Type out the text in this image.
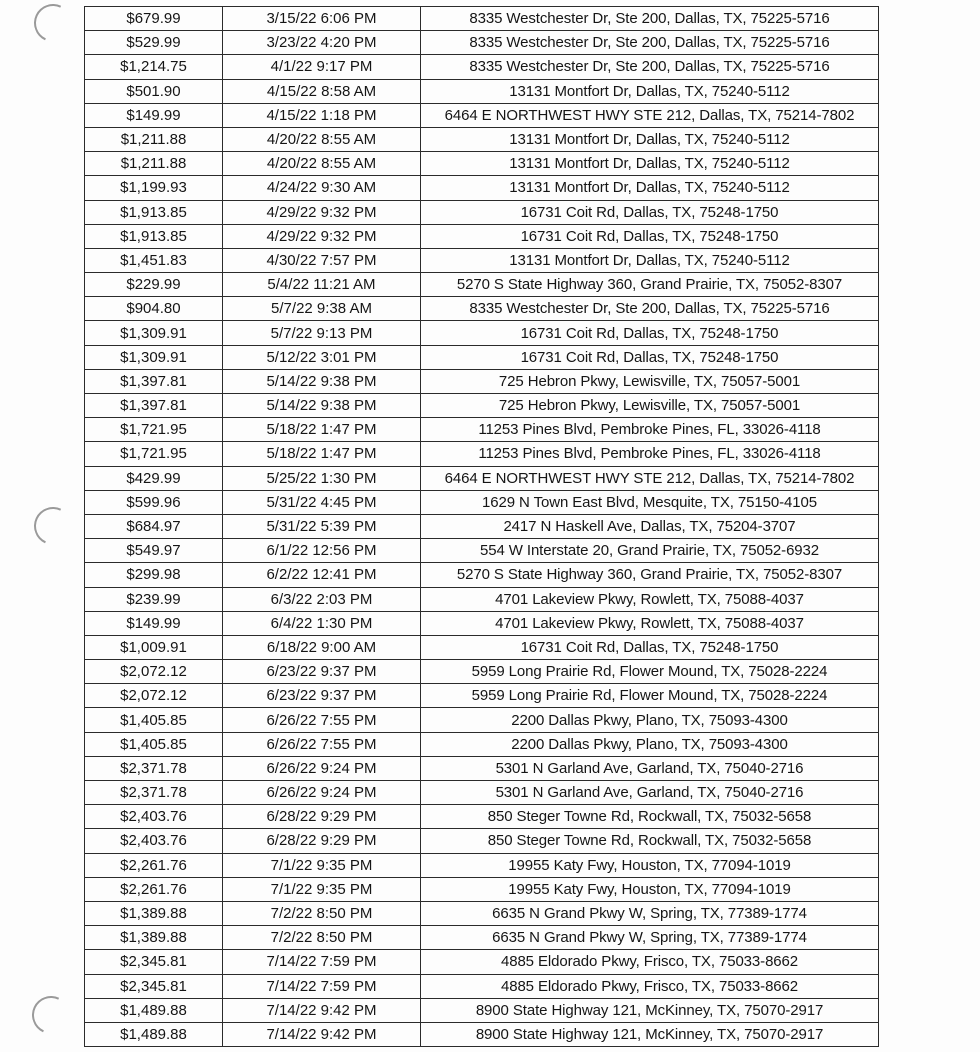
$679.99	3/15/22 6:06 PM	8335 Westchester Dr, Ste 200, Dallas, TX, 75225-5716
$529.99	3/23/22 4:20 PM	8335 Westchester Dr, Ste 200, Dallas, TX, 75225-5716
$1,214.75	4/1/22 9:17 PM	8335 Westchester Dr, Ste 200, Dallas, TX, 75225-5716
$501.90	4/15/22 8:58 AM	13131 Montfort Dr, Dallas, TX, 75240-5112
$149.99	4/15/22 1:18 PM	6464 E NORTHWEST HWY STE 212, Dallas, TX, 75214-7802
$1,211.88	4/20/22 8:55 AM	13131 Montfort Dr, Dallas, TX, 75240-5112
$1,211.88	4/20/22 8:55 AM	13131 Montfort Dr, Dallas, TX, 75240-5112
$1,199.93	4/24/22 9:30 AM	13131 Montfort Dr, Dallas, TX, 75240-5112
$1,913.85	4/29/22 9:32 PM	16731 Coit Rd, Dallas, TX, 75248-1750
$1,913.85	4/29/22 9:32 PM	16731 Coit Rd, Dallas, TX, 75248-1750
$1,451.83	4/30/22 7:57 PM	13131 Montfort Dr, Dallas, TX, 75240-5112
$229.99	5/4/22 11:21 AM	5270 S State Highway 360, Grand Prairie, TX, 75052-8307
$904.80	5/7/22 9:38 AM	8335 Westchester Dr, Ste 200, Dallas, TX, 75225-5716
$1,309.91	5/7/22 9:13 PM	16731 Coit Rd, Dallas, TX, 75248-1750
$1,309.91	5/12/22 3:01 PM	16731 Coit Rd, Dallas, TX, 75248-1750
$1,397.81	5/14/22 9:38 PM	725 Hebron Pkwy, Lewisville, TX, 75057-5001
$1,397.81	5/14/22 9:38 PM	725 Hebron Pkwy, Lewisville, TX, 75057-5001
$1,721.95	5/18/22 1:47 PM	11253 Pines Blvd, Pembroke Pines, FL, 33026-4118
$1,721.95	5/18/22 1:47 PM	11253 Pines Blvd, Pembroke Pines, FL, 33026-4118
$429.99	5/25/22 1:30 PM	6464 E NORTHWEST HWY STE 212, Dallas, TX, 75214-7802
$599.96	5/31/22 4:45 PM	1629 N Town East Blvd, Mesquite, TX, 75150-4105
$684.97	5/31/22 5:39 PM	2417 N Haskell Ave, Dallas, TX, 75204-3707
$549.97	6/1/22 12:56 PM	554 W Interstate 20, Grand Prairie, TX, 75052-6932
$299.98	6/2/22 12:41 PM	5270 S State Highway 360, Grand Prairie, TX, 75052-8307
$239.99	6/3/22 2:03 PM	4701 Lakeview Pkwy, Rowlett, TX, 75088-4037
$149.99	6/4/22 1:30 PM	4701 Lakeview Pkwy, Rowlett, TX, 75088-4037
$1,009.91	6/18/22 9:00 AM	16731 Coit Rd, Dallas, TX, 75248-1750
$2,072.12	6/23/22 9:37 PM	5959 Long Prairie Rd, Flower Mound, TX, 75028-2224
$2,072.12	6/23/22 9:37 PM	5959 Long Prairie Rd, Flower Mound, TX, 75028-2224
$1,405.85	6/26/22 7:55 PM	2200 Dallas Pkwy, Plano, TX, 75093-4300
$1,405.85	6/26/22 7:55 PM	2200 Dallas Pkwy, Plano, TX, 75093-4300
$2,371.78	6/26/22 9:24 PM	5301 N Garland Ave, Garland, TX, 75040-2716
$2,371.78	6/26/22 9:24 PM	5301 N Garland Ave, Garland, TX, 75040-2716
$2,403.76	6/28/22 9:29 PM	850 Steger Towne Rd, Rockwall, TX, 75032-5658
$2,403.76	6/28/22 9:29 PM	850 Steger Towne Rd, Rockwall, TX, 75032-5658
$2,261.76	7/1/22 9:35 PM	19955 Katy Fwy, Houston, TX, 77094-1019
$2,261.76	7/1/22 9:35 PM	19955 Katy Fwy, Houston, TX, 77094-1019
$1,389.88	7/2/22 8:50 PM	6635 N Grand Pkwy W, Spring, TX, 77389-1774
$1,389.88	7/2/22 8:50 PM	6635 N Grand Pkwy W, Spring, TX, 77389-1774
$2,345.81	7/14/22 7:59 PM	4885 Eldorado Pkwy, Frisco, TX, 75033-8662
$2,345.81	7/14/22 7:59 PM	4885 Eldorado Pkwy, Frisco, TX, 75033-8662
$1,489.88	7/14/22 9:42 PM	8900 State Highway 121, McKinney, TX, 75070-2917
$1,489.88	7/14/22 9:42 PM	8900 State Highway 121, McKinney, TX, 75070-2917
